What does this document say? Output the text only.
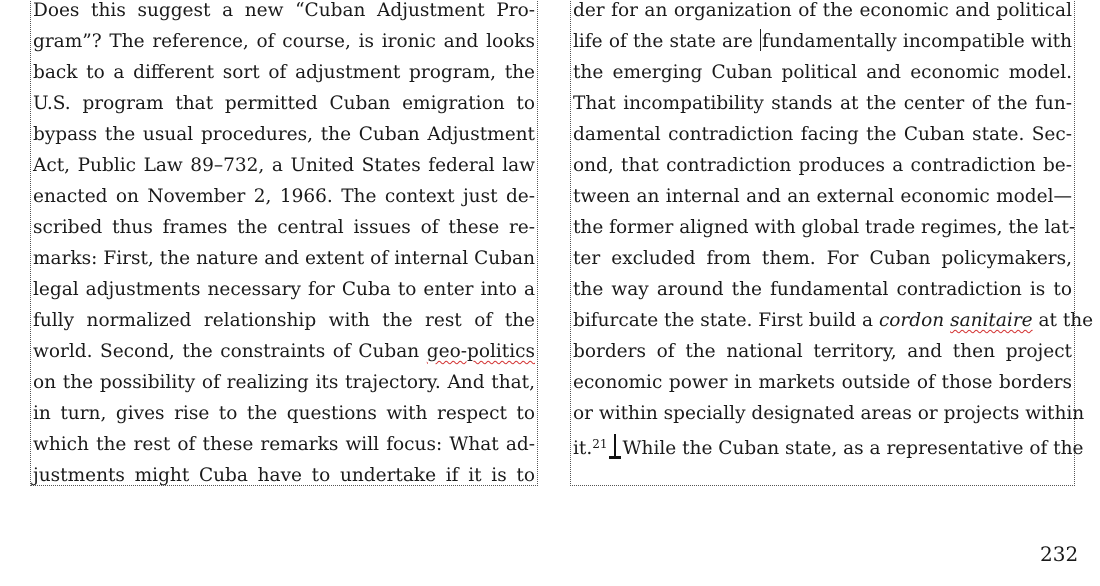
Does this suggest a new “Cuban Adjustment Pro-
gram”? The reference, of course, is ironic and looks
back to a different sort of adjustment program, the
U.S. program that permitted Cuban emigration to
bypass the usual procedures, the Cuban Adjustment
Act, Public Law 89–732, a United States federal law
enacted on November 2, 1966. The context just de-
scribed thus frames the central issues of these re-
marks: First, the nature and extent of internal Cuban
legal adjustments necessary for Cuba to enter into a
fully normalized relationship with the rest of the
world. Second, the constraints of Cuban geo-politics
on the possibility of realizing its trajectory. And that,
in turn, gives rise to the questions with respect to
which the rest of these remarks will focus: What ad-
justments might Cuba have to undertake if it is to
der for an organization of the economic and political
life of the state are fundamentally incompatible with
the emerging Cuban political and economic model.
That incompatibility stands at the center of the fun-
damental contradiction facing the Cuban state. Sec-
ond, that contradiction produces a contradiction be-
tween an internal and an external economic model—
the former aligned with global trade regimes, the lat-
ter excluded from them. For Cuban policymakers,
the way around the fundamental contradiction is to
bifurcate the state. First build a cordon sanitaire at the
borders of the national territory, and then project
economic power in markets outside of those borders
or within specially designated areas or projects within
it.$^{21}$ While the Cuban state, as a representative of the
232
